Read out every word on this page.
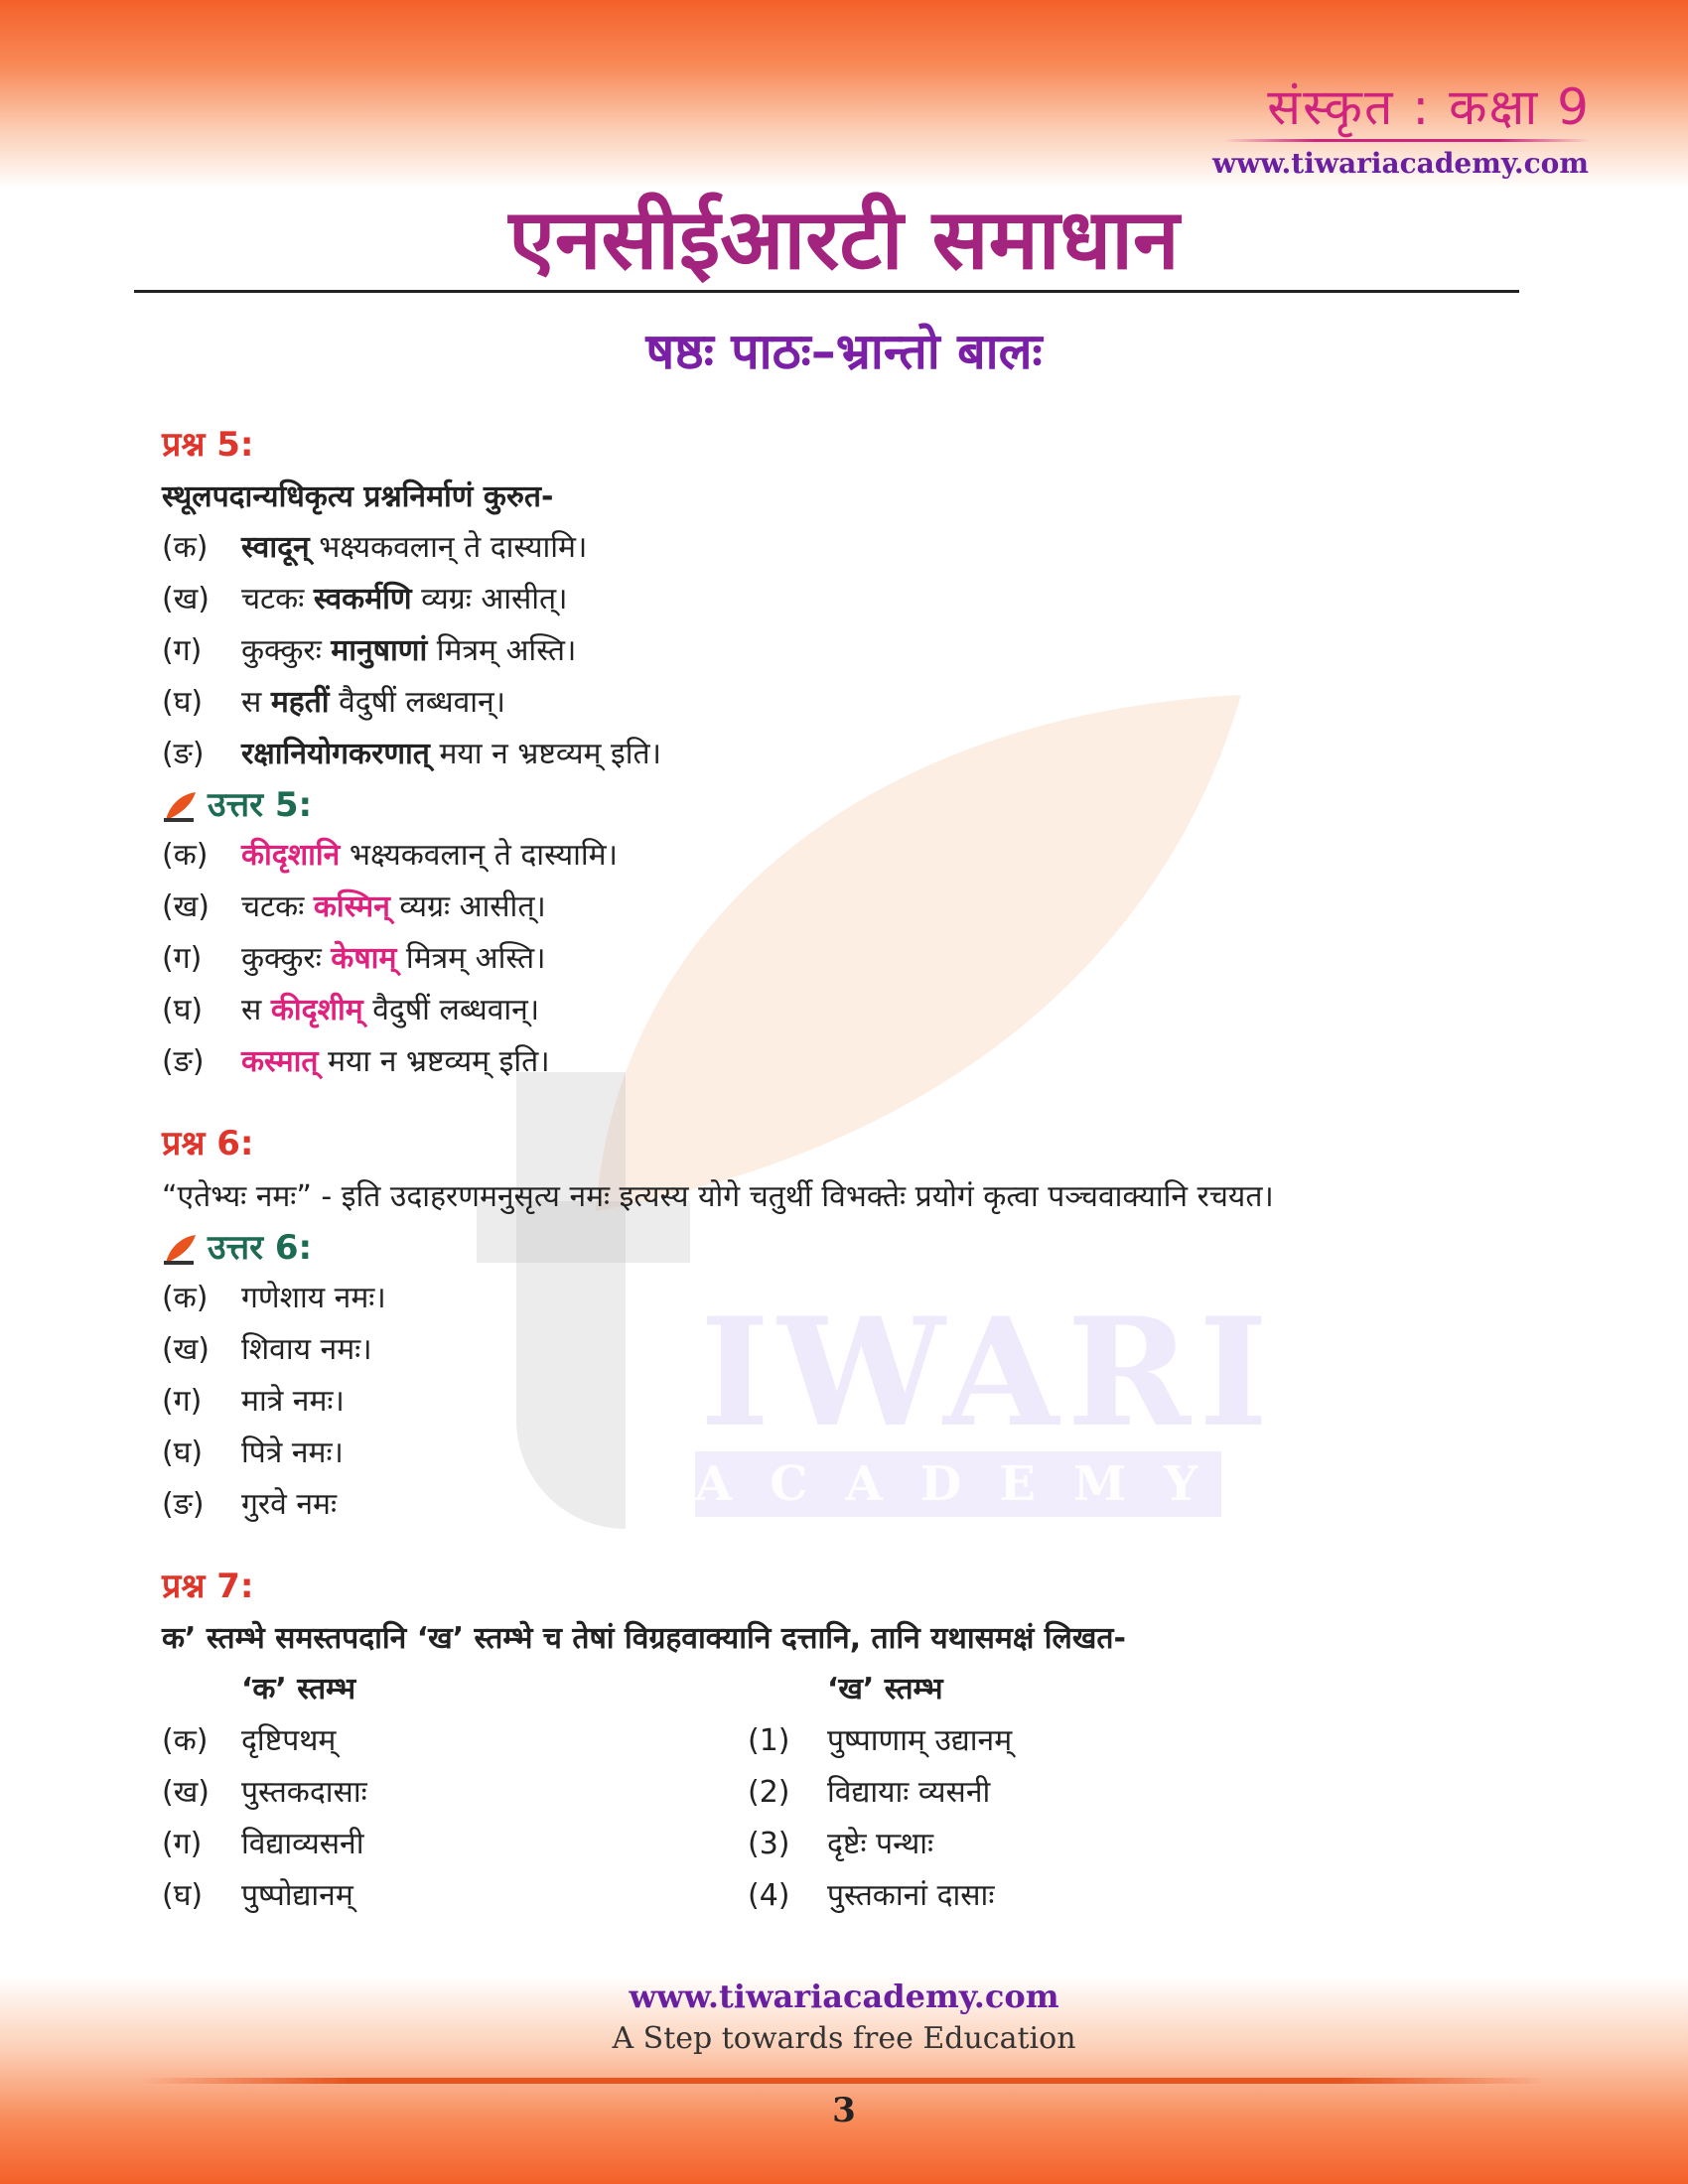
IWARI
ACADEMY
संस्कृत : कक्षा 9
www.tiwariacademy.com
एनसीईआरटी समाधान
षष्ठः पाठः–भ्रान्तो बालः
प्रश्न 5:
स्थूलपदान्यधिकृत्य प्रश्ननिर्माणं कुरुत-
(क) स्वादून् भक्ष्यकवलान् ते दास्यामि।
(ख) चटकः स्वकर्मणि व्यग्रः आसीत्।
(ग) कुक्कुरः मानुषाणां मित्रम् अस्ति।
(घ) स महतीं वैदुषीं लब्धवान्।
(ङ) रक्षानियोगकरणात् मया न भ्रष्टव्यम् इति।
उत्तर 5:
(क) कीदृशानि भक्ष्यकवलान् ते दास्यामि।
(ख) चटकः कस्मिन् व्यग्रः आसीत्।
(ग) कुक्कुरः केषाम् मित्रम् अस्ति।
(घ) स कीदृशीम् वैदुषीं लब्धवान्।
(ङ) कस्मात् मया न भ्रष्टव्यम् इति।
प्रश्न 6:
“एतेभ्यः नमः” - इति उदाहरणमनुसृत्य नमः इत्यस्य योगे चतुर्थी विभक्तेः प्रयोगं कृत्वा पञ्चवाक्यानि रचयत।
उत्तर 6:
(क) गणेशाय नमः।
(ख) शिवाय नमः।
(ग) मात्रे नमः।
(घ) पित्रे नमः।
(ङ) गुरवे नमः
प्रश्न 7:
क’ स्तम्भे समस्तपदानि ‘ख’ स्तम्भे च तेषां विग्रहवाक्यानि दत्तानि, तानि यथासमक्षं लिखत-
‘क’ स्तम्भ
(क) दृष्टिपथम्
(ख) पुस्तकदासाः
(ग) विद्याव्यसनी
(घ) पुष्पोद्यानम्
‘ख’ स्तम्भ
(1) पुष्पाणाम् उद्यानम्
(2) विद्यायाः व्यसनी
(3) दृष्टेः पन्थाः
(4) पुस्तकानां दासाः
www.tiwariacademy.com
A Step towards free Education
3
